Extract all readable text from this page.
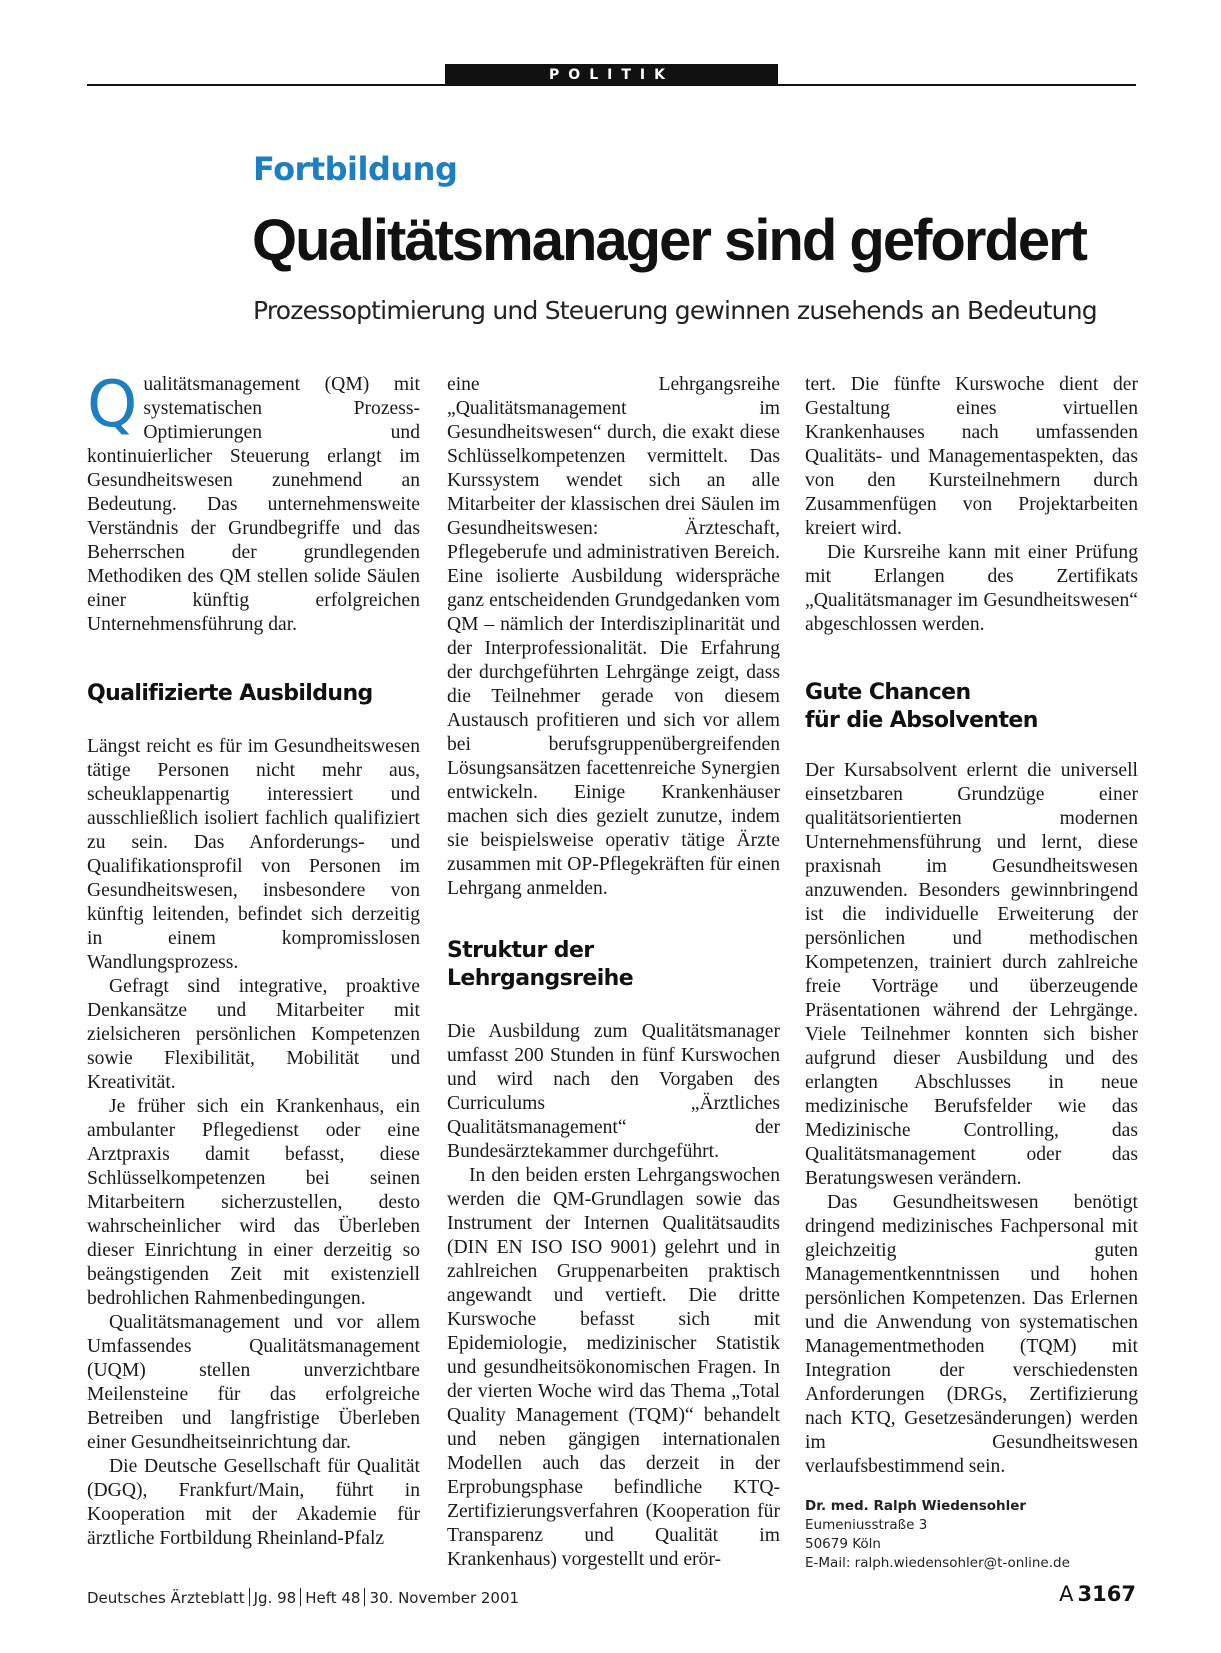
POLITIK
Fortbildung
Qualitätsmanager sind gefordert
Prozessoptimierung und Steuerung gewinnen zusehends an Bedeutung

Qualitätsmanagement (QM) mit systematischen Prozess-Optimierungen und kontinuierlicher Steuerung erlangt im Gesundheitswesen zunehmend an Bedeutung. Das unternehmensweite Verständnis der Grundbegriffe und das Beherrschen der grundlegenden Methodiken des QM stellen solide Säulen einer künftig erfolgreichen Unternehmensführung dar.

Qualifizierte Ausbildung

Längst reicht es für im Gesundheitswesen tätige Personen nicht mehr aus, scheuklappenartig interessiert und ausschließlich isoliert fachlich qualifiziert zu sein. Das Anforderungs- und Qualifikationsprofil von Personen im Gesundheitswesen, insbesondere von künftig leitenden, befindet sich derzeitig in einem kompromisslosen Wandlungsprozess.

Gefragt sind integrative, proaktive Denkansätze und Mitarbeiter mit zielsicheren persönlichen Kompetenzen sowie Flexibilität, Mobilität und Kreativität.

Je früher sich ein Krankenhaus, ein ambulanter Pflegedienst oder eine Arztpraxis damit befasst, diese Schlüsselkompetenzen bei seinen Mitarbeitern sicherzustellen, desto wahrscheinlicher wird das Überleben dieser Einrichtung in einer derzeitig so beängstigenden Zeit mit existenziell bedrohlichen Rahmenbedingungen.

Qualitätsmanagement und vor allem Umfassendes Qualitätsmanagement (UQM) stellen unverzichtbare Meilensteine für das erfolgreiche Betreiben und langfristige Überleben einer Gesundheitseinrichtung dar.

Die Deutsche Gesellschaft für Qualität (DGQ), Frankfurt/Main, führt in Kooperation mit der Akademie für ärztliche Fortbildung Rheinland-Pfalz

eine Lehrgangsreihe „Qualitätsmanagement im Gesundheitswesen“ durch, die exakt diese Schlüsselkompetenzen vermittelt. Das Kurssystem wendet sich an alle Mitarbeiter der klassischen drei Säulen im Gesundheitswesen: Ärzteschaft, Pflegeberufe und administrativen Bereich. Eine isolierte Ausbildung widerspräche ganz entscheidenden Grundgedanken vom QM – nämlich der Interdisziplinarität und der Interprofessionalität. Die Erfahrung der durchgeführten Lehrgänge zeigt, dass die Teilnehmer gerade von diesem Austausch profitieren und sich vor allem bei berufsgruppenübergreifenden Lösungsansätzen facettenreiche Synergien entwickeln. Einige Krankenhäuser machen sich dies gezielt zunutze, indem sie beispielsweise operativ tätige Ärzte zusammen mit OP-Pflegekräften für einen Lehrgang anmelden.

Struktur der Lehrgangsreihe

Die Ausbildung zum Qualitätsmanager umfasst 200 Stunden in fünf Kurswochen und wird nach den Vorgaben des Curriculums „Ärztliches Qualitätsmanagement“ der Bundesärztekammer durchgeführt.

In den beiden ersten Lehrgangswochen werden die QM-Grundlagen sowie das Instrument der Internen Qualitätsaudits (DIN EN ISO ISO 9001) gelehrt und in zahlreichen Gruppenarbeiten praktisch angewandt und vertieft. Die dritte Kurswoche befasst sich mit Epidemiologie, medizinischer Statistik und gesundheitsökonomischen Fragen. In der vierten Woche wird das Thema „Total Quality Management (TQM)“ behandelt und neben gängigen internationalen Modellen auch das derzeit in der Erprobungsphase befindliche KTQ-Zertifizierungsverfahren (Kooperation für Transparenz und Qualität im Krankenhaus) vorgestellt und erör-

tert. Die fünfte Kurswoche dient der Gestaltung eines virtuellen Krankenhauses nach umfassenden Qualitäts- und Managementaspekten, das von den Kursteilnehmern durch Zusammenfügen von Projektarbeiten kreiert wird.

Die Kursreihe kann mit einer Prüfung mit Erlangen des Zertifikats „Qualitätsmanager im Gesundheitswesen“ abgeschlossen werden.

Gute Chancen
für die Absolventen

Der Kursabsolvent erlernt die universell einsetzbaren Grundzüge einer qualitätsorientierten modernen Unternehmensführung und lernt, diese praxisnah im Gesundheitswesen anzuwenden. Besonders gewinnbringend ist die individuelle Erweiterung der persönlichen und methodischen Kompetenzen, trainiert durch zahlreiche freie Vorträge und überzeugende Präsentationen während der Lehrgänge. Viele Teilnehmer konnten sich bisher aufgrund dieser Ausbildung und des erlangten Abschlusses in neue medizinische Berufsfelder wie das Medizinische Controlling, das Qualitätsmanagement oder das Beratungswesen verändern.

Das Gesundheitswesen benötigt dringend medizinisches Fachpersonal mit gleichzeitig guten Managementkenntnissen und hohen persönlichen Kompetenzen. Das Erlernen und die Anwendung von systematischen Managementmethoden (TQM) mit Integration der verschiedensten Anforderungen (DRGs, Zertifizierung nach KTQ, Gesetzesänderungen) werden im Gesundheitswesen verlaufsbestimmend sein.

Dr. med. Ralph Wiedensohler
Eumeniusstraße 3
50679 Köln
E-Mail: ralph.wiedensohler@t-online.de
Deutsches Ärzteblatt Jg. 98 Heft 48 30. November 2001	A 3167
